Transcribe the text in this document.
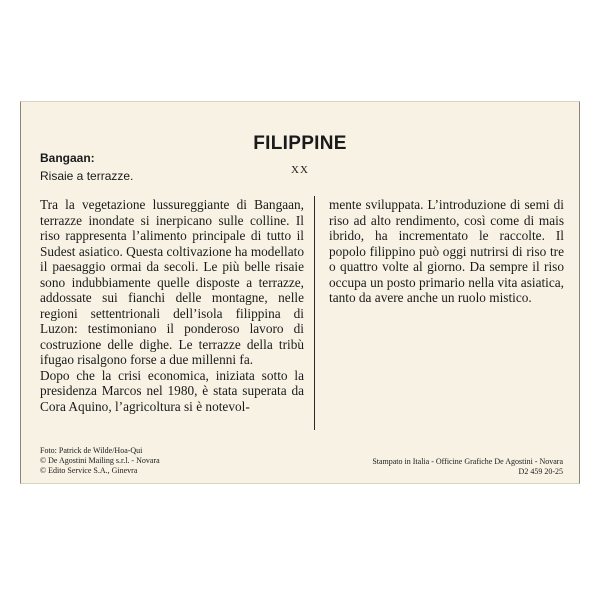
FILIPPINE
XX
Bangaan:
Risaie a terrazze.

Tra la vegetazione lussureggiante di Bangaan, terrazze inondate si inerpicano sulle colline. Il riso rappresenta l’alimento principale di tutto il Sudest asiatico. Questa coltivazione ha modellato il paesaggio ormai da secoli. Le più belle risaie sono indubbiamente quelle disposte a terrazze, addossate sui fianchi delle montagne, nelle regioni settentrionali dell’isola filippina di Luzon: testimoniano il ponderoso lavoro di costruzione delle dighe. Le terrazze della tribù ifugao risalgono forse a due millenni fa.

Dopo che la crisi economica, iniziata sotto la presidenza Marcos nel 1980, è stata superata da Cora Aquino, l’agricoltura si è notevol-

mente sviluppata. L’introduzione di semi di riso ad alto rendimento, così come di mais ibrido, ha incrementato le raccolte. Il popolo filippino può oggi nutrirsi di riso tre o quattro volte al giorno. Da sempre il riso occupa un posto primario nella vita asiatica, tanto da avere anche un ruolo mistico.

Foto: Patrick de Wilde/Hoa-Qui
© De Agostini Mailing s.r.l. - Novara
© Edito Service S.A., Ginevra
Stampato in Italia - Officine Grafiche De Agostini - Novara
D2 459 20-25
